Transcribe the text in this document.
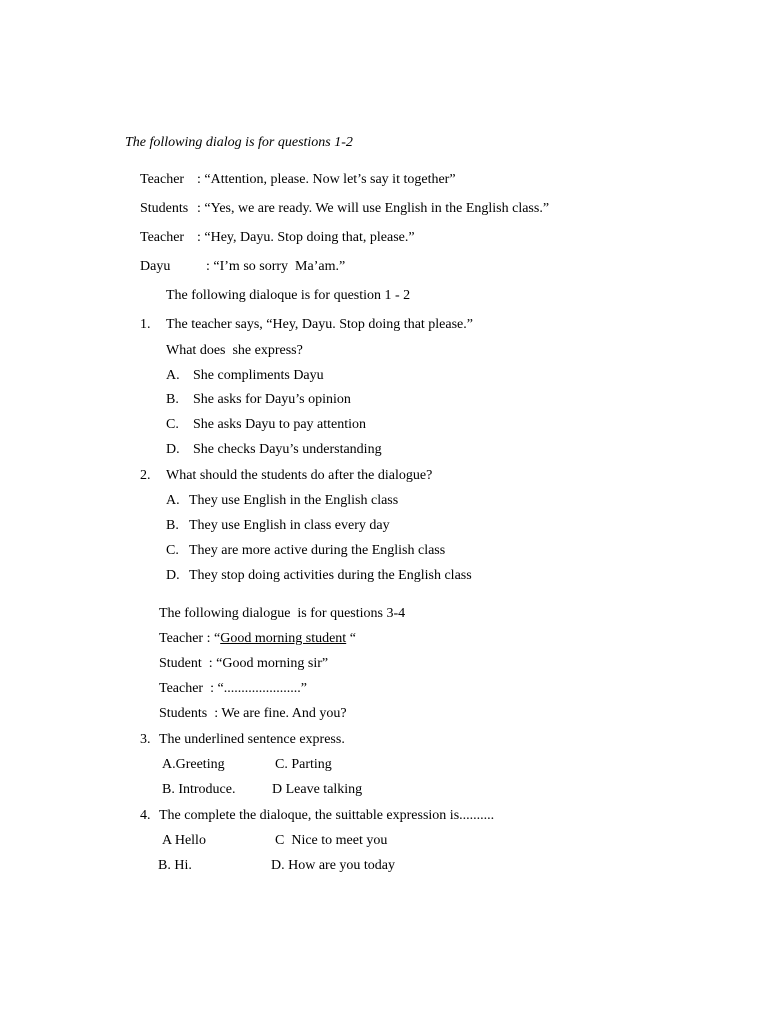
The following dialog is for questions 1-2

Teacher : “Attention, please. Now let’s say it together”

Students : “Yes, we are ready. We will use English in the English class.”

Teacher : “Hey, Dayu. Stop doing that, please.”

Dayu	: “I’m so sorry  Ma’am.”

The following dialoque is for question 1 - 2

1. The teacher says, “Hey, Dayu. Stop doing that please.”

What does  she express?

A. She compliments Dayu

B. She asks for Dayu’s opinion

C. She asks Dayu to pay attention

D. She checks Dayu’s understanding

2. What should the students do after the dialogue?

A. They use English in the English class

B. They use English in class every day

C. They are more active during the English class

D. They stop doing activities during the English class

The following dialogue  is for questions 3-4

Teacher : “Good morning student “

Student  : “Good morning sir”

Teacher  : “......................”

Students  : We are fine. And you?

3. The underlined sentence express.

A.Greeting	C. Parting

B. Introduce.	D Leave talking

4. The complete the dialoque, the suittable expression is..........

A Hello	C  Nice to meet you

B. Hi.	D. How are you today
